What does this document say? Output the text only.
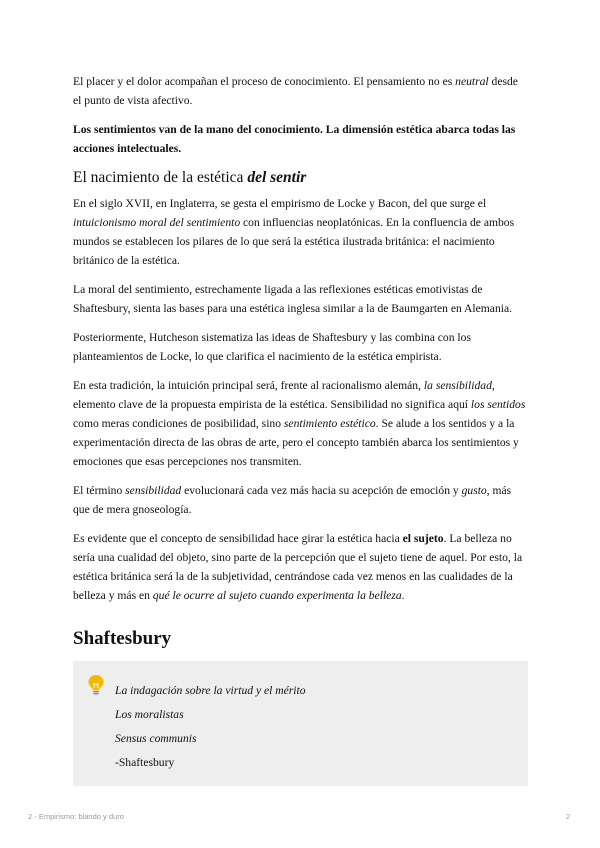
El placer y el dolor acompañan el proceso de conocimiento. El pensamiento no es neutral desde el punto de vista afectivo.

Los sentimientos van de la mano del conocimiento. La dimensión estética abarca todas las acciones intelectuales.

El nacimiento de la estética del sentir

En el siglo XVII, en Inglaterra, se gesta el empirismo de Locke y Bacon, del que surge el intuicionismo moral del sentimiento con influencias neoplatónicas. En la confluencia de ambos mundos se establecen los pilares de lo que será la estética ilustrada británica: el nacimiento británico de la estética.

La moral del sentimiento, estrechamente ligada a las reflexiones estéticas emotivistas de Shaftesbury, sienta las bases para una estética inglesa similar a la de Baumgarten en Alemania.

Posteriormente, Hutcheson sistematiza las ideas de Shaftesbury y las combina con los planteamientos de Locke, lo que clarifica el nacimiento de la estética empirista.

En esta tradición, la intuición principal será, frente al racionalismo alemán, la sensibilidad, elemento clave de la propuesta empirista de la estética. Sensibilidad no significa aquí los sentidos como meras condiciones de posibilidad, sino sentimiento estético. Se alude a los sentidos y a la experimentación directa de las obras de arte, pero el concepto también abarca los sentimientos y emociones que esas percepciones nos transmiten.

El término sensibilidad evolucionará cada vez más hacia su acepción de emoción y gusto, más que de mera gnoseología.

Es evidente que el concepto de sensibilidad hace girar la estética hacia el sujeto. La belleza no sería una cualidad del objeto, sino parte de la percepción que el sujeto tiene de aquel. Por esto, la estética británica será la de la subjetividad, centrándose cada vez menos en las cualidades de la belleza y más en qué le ocurre al sujeto cuando experimenta la belleza.

Shaftesbury
La indagación sobre la virtud y el mérito
Los moralistas
Sensus communis
-Shaftesbury
2.- Empirismo: blando y duro	2
